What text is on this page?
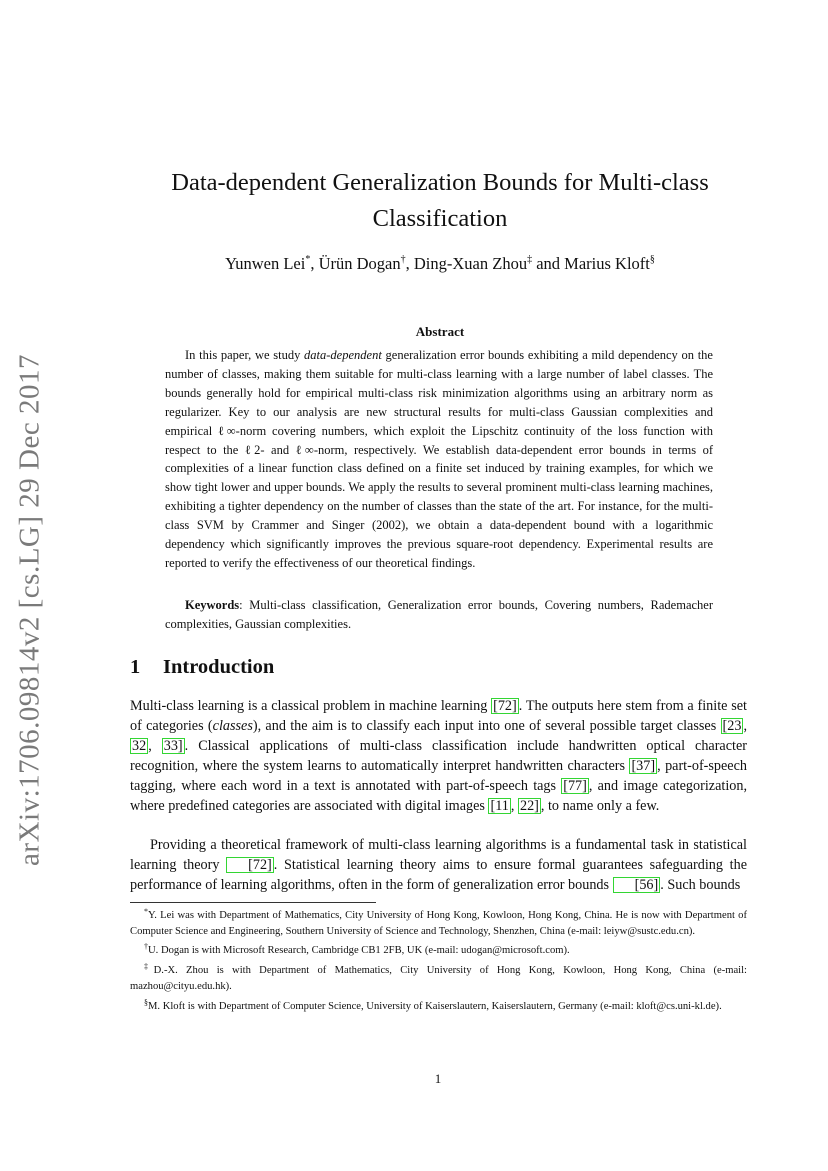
arXiv:1706.09814v2 [cs.LG] 29 Dec 2017
Data-dependent Generalization Bounds for Multi-class
Classification
Yunwen Lei*, Ürün Dogan†, Ding-Xuan Zhou‡ and Marius Kloft§
Abstract
In this paper, we study data-dependent generalization error bounds exhibiting a mild dependency on the number of classes, making them suitable for multi-class learning with a large number of label classes. The bounds generally hold for empirical multi-class risk minimization algorithms using an arbitrary norm as regularizer. Key to our analysis are new structural results for multi-class Gaussian complexities and empirical ℓ∞-norm covering numbers, which exploit the Lipschitz continuity of the loss function with respect to the ℓ2- and ℓ∞-norm, respectively. We establish data-dependent error bounds in terms of complexities of a linear function class defined on a finite set induced by training examples, for which we show tight lower and upper bounds. We apply the results to several prominent multi-class learning machines, exhibiting a tighter dependency on the number of classes than the state of the art. For instance, for the multi-class SVM by Crammer and Singer (2002), we obtain a data-dependent bound with a logarithmic dependency which significantly improves the previous square-root dependency. Experimental results are reported to verify the effectiveness of our theoretical findings.
Keywords: Multi-class classification, Generalization error bounds, Covering numbers, Rademacher complexities, Gaussian complexities.
1 Introduction
Multi-class learning is a classical problem in machine learning [72] . The outputs here stem from a finite set of categories (classes), and the aim is to classify each input into one of several possible target classes [23 , 32 , 33] . Classical applications of multi-class classification include handwritten optical character recognition, where the system learns to automatically interpret handwritten characters [37] , part-of-speech tagging, where each word in a text is annotated with part-of-speech tags [77] , and image categorization, where predefined categories are associated with digital images [11 , 22] , to name only a few.
Providing a theoretical framework of multi-class learning algorithms is a fundamental task in statistical learning theory [72] . Statistical learning theory aims to ensure formal guarantees safeguarding the performance of learning algorithms, often in the form of generalization error bounds [56] . Such bounds

*Y. Lei was with Department of Mathematics, City University of Hong Kong, Kowloon, Hong Kong, China. He is now with Department of Computer Science and Engineering, Southern University of Science and Technology, Shenzhen, China (e-mail: leiyw@sustc.edu.cn).

†U. Dogan is with Microsoft Research, Cambridge CB1 2FB, UK (e-mail: udogan@microsoft.com).

‡D.-X. Zhou is with Department of Mathematics, City University of Hong Kong, Kowloon, Hong Kong, China (e-mail: mazhou@cityu.edu.hk).

§M. Kloft is with Department of Computer Science, University of Kaiserslautern, Kaiserslautern, Germany (e-mail: kloft@cs.uni-kl.de).

1
